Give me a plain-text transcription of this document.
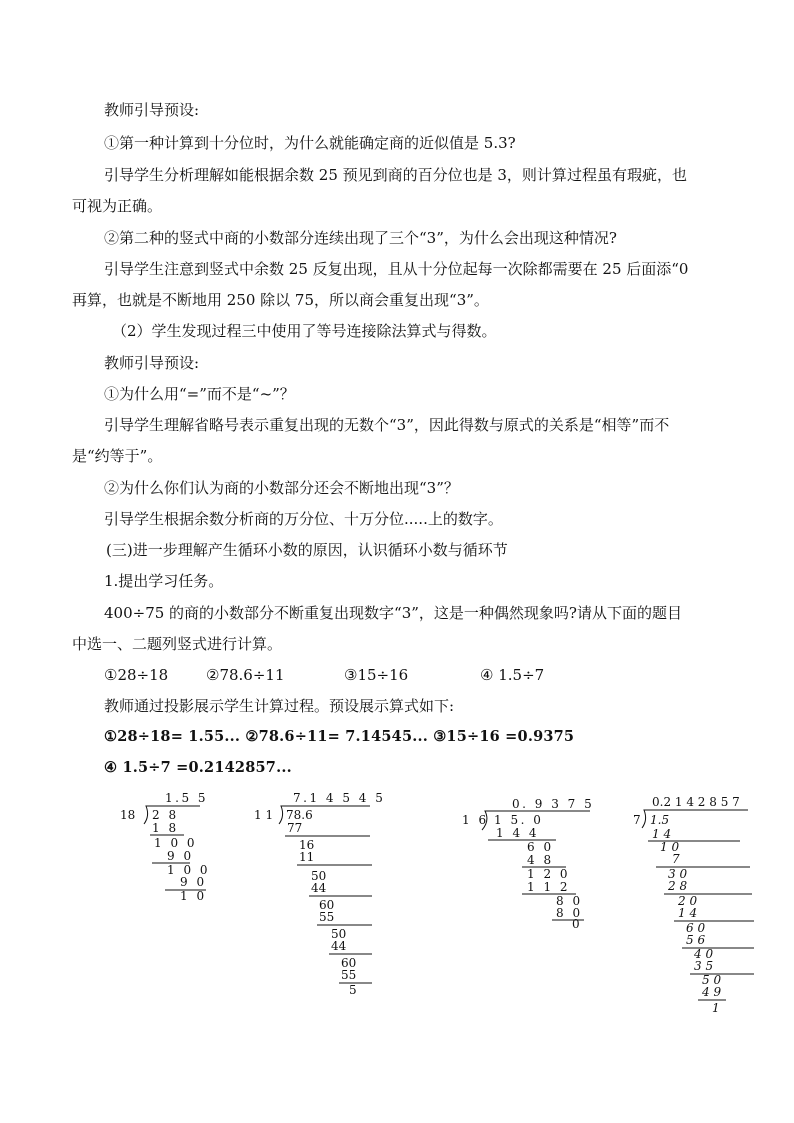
教师引导预设:
①第一种计算到十分位时，为什么就能确定商的近似值是 5.3?
引导学生分析理解如能根据余数 25 预见到商的百分位也是 3，则计算过程虽有瑕疵，也
可视为正确。
②第二种的竖式中商的小数部分连续出现了三个“3”，为什么会出现这种情况?
引导学生注意到竖式中余数 25 反复出现，且从十分位起每一次除都需要在 25 后面添“0
再算，也就是不断地用 250 除以 75，所以商会重复出现“3”。
（2）学生发现过程三中使用了等号连接除法算式与得数。
教师引导预设:
①为什么用“=”而不是“~”？
引导学生理解省略号表示重复出现的无数个“3”，因此得数与原式的关系是“相等”而不
是“约等于”。
②为什么你们认为商的小数部分还会不断地出现“3”？
引导学生根据余数分析商的万分位、十万分位.....上的数字。
(三)进一步理解产生循环小数的原因，认识循环小数与循环节
1.提出学习任务。
400÷75 的商的小数部分不断重复出现数字“3”，这是一种偶然现象吗?请从下面的题目
中选一、二题列竖式进行计算。
①28÷18	②78.6÷11	③15÷16	④ 1.5÷7
教师通过投影展示学生计算过程。预设展示算式如下:
①28÷18= 1.55... ②78.6÷11= 7.14545... ③15÷16 =0.9375
④ 1.5÷7 =0.2142857...
18
1.5 5
2 8
1 8
1 0 0
9 0
1 0 0
9 0
1 0
1 1
7.1 4 5 4 5
78.6
77
16
11
50
44
60
55
50
44
60
55
5
1 6
0. 9 3 7 5
1 5. 0
1 4 4
6 0
4 8
1 2 0
1 1 2
8 0
8 0
0
7
0.2 1 4 2 8 5 7
1.5
1 4
1 0
7
3 0
2 8
2 0
1 4
6 0
5 6
4 0
3 5
5 0
4 9
1
